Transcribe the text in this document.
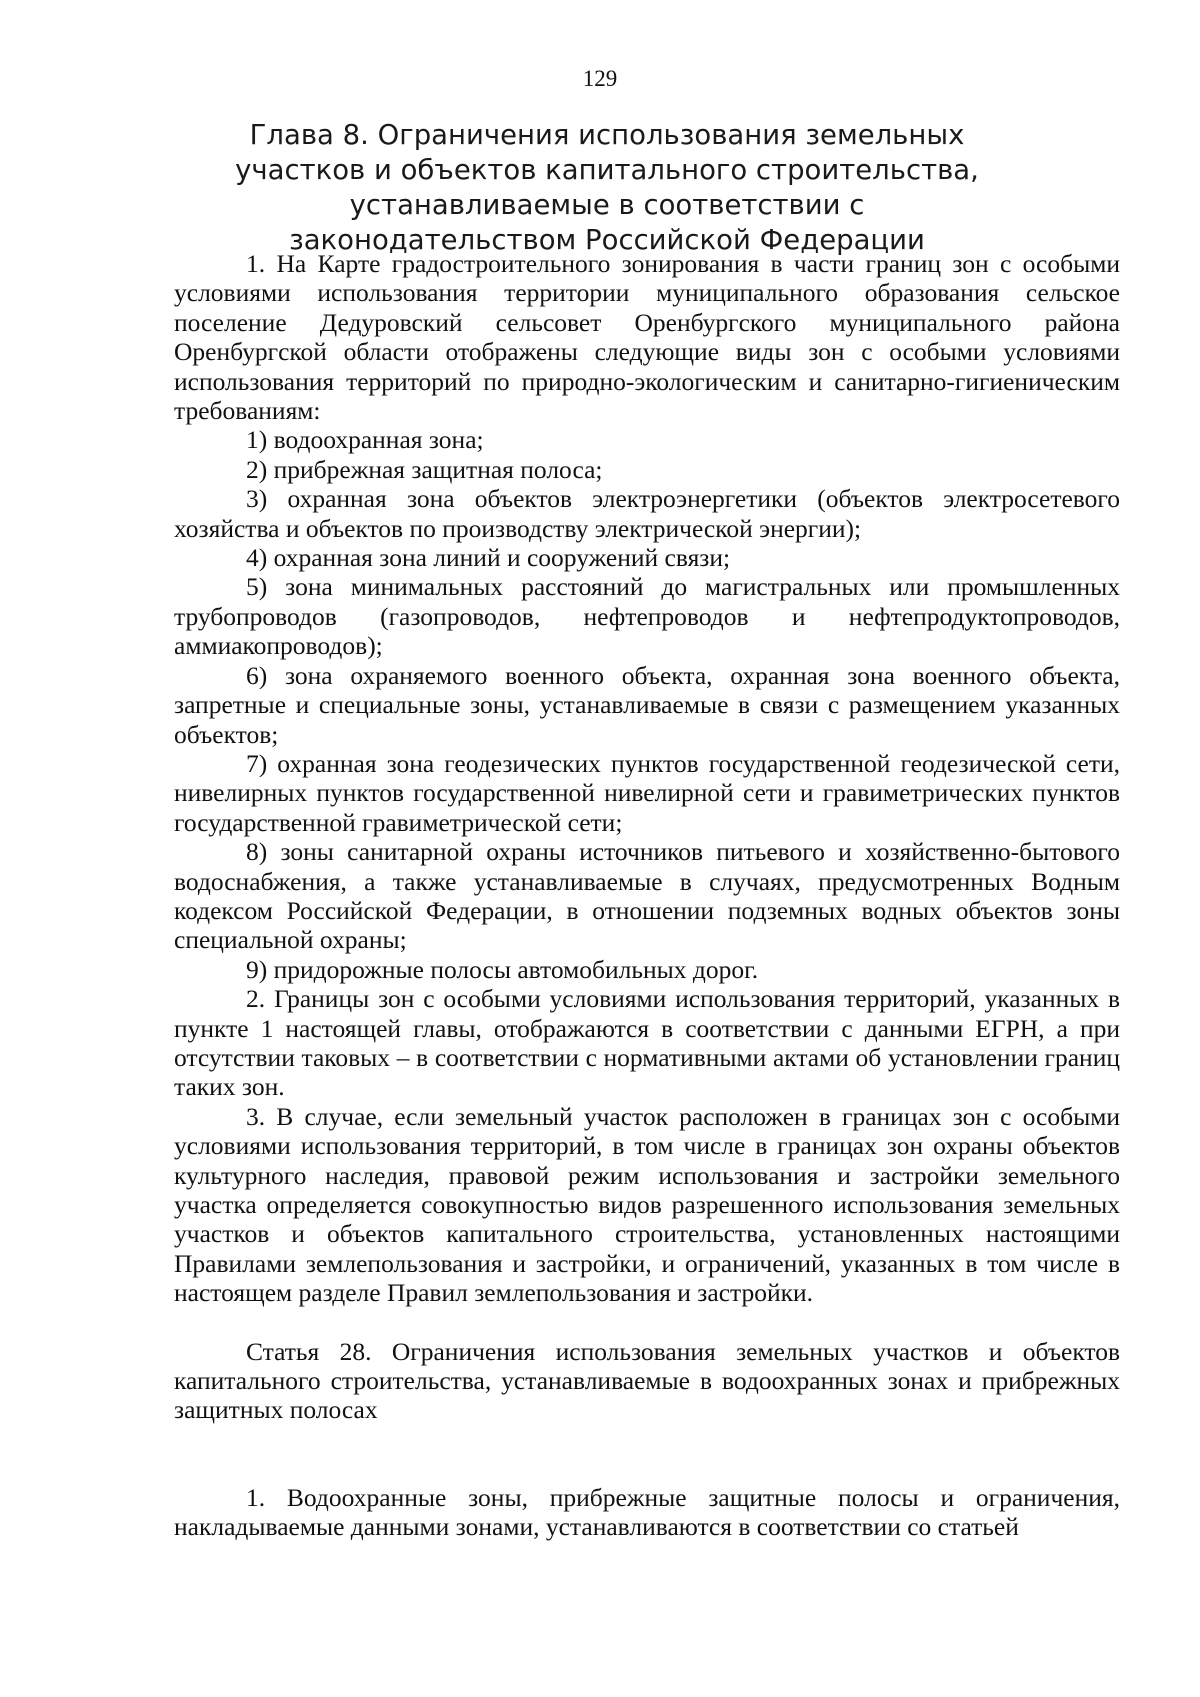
129
Глава 8. Ограничения использования земельных участков и объектов капитального строительства, устанавливаемые в соответствии с законодательством Российской Федерации

1. На Карте градостроительного зонирования в части границ зон с особыми условиями использования территории муниципального образования сельское поселение Дедуровский сельсовет Оренбургского муниципального района Оренбургской области отображены следующие виды зон с особыми условиями использования территорий по природно-экологическим и санитарно-гигиеническим требованиям:

1) водоохранная зона;

2) прибрежная защитная полоса;

3) охранная зона объектов электроэнергетики (объектов электросетевого хозяйства и объектов по производству электрической энергии);

4) охранная зона линий и сооружений связи;

5) зона минимальных расстояний до магистральных или промышленных трубопроводов (газопроводов, нефтепроводов и нефтепродуктопроводов, аммиакопроводов);

6) зона охраняемого военного объекта, охранная зона военного объекта, запретные и специальные зоны, устанавливаемые в связи с размещением указанных объектов;

7) охранная зона геодезических пунктов государственной геодезической сети, нивелирных пунктов государственной нивелирной сети и гравиметрических пунктов государственной гравиметрической сети;

8) зоны санитарной охраны источников питьевого и хозяйственно-бытового водоснабжения, а также устанавливаемые в случаях, предусмотренных Водным кодексом Российской Федерации, в отношении подземных водных объектов зоны специальной охраны;

9) придорожные полосы автомобильных дорог.

2. Границы зон с особыми условиями использования территорий, указанных в пункте 1 настоящей главы, отображаются в соответствии с данными ЕГРН, а при отсутствии таковых – в соответствии с нормативными актами об установлении границ таких зон.

3. В случае, если земельный участок расположен в границах зон с особыми условиями использования территорий, в том числе в границах зон охраны объектов культурного наследия, правовой режим использования и застройки земельного участка определяется совокупностью видов разрешенного использования земельных участков и объектов капитального строительства, установленных настоящими Правилами землепользования и застройки, и ограничений, указанных в том числе в настоящем разделе Правил землепользования и застройки.

Статья 28. Ограничения использования земельных участков и объектов капитального строительства, устанавливаемые в водоохранных зонах и прибрежных защитных полосах

1. Водоохранные зоны, прибрежные защитные полосы и ограничения, накладываемые данными зонами, устанавливаются в соответствии со статьей
